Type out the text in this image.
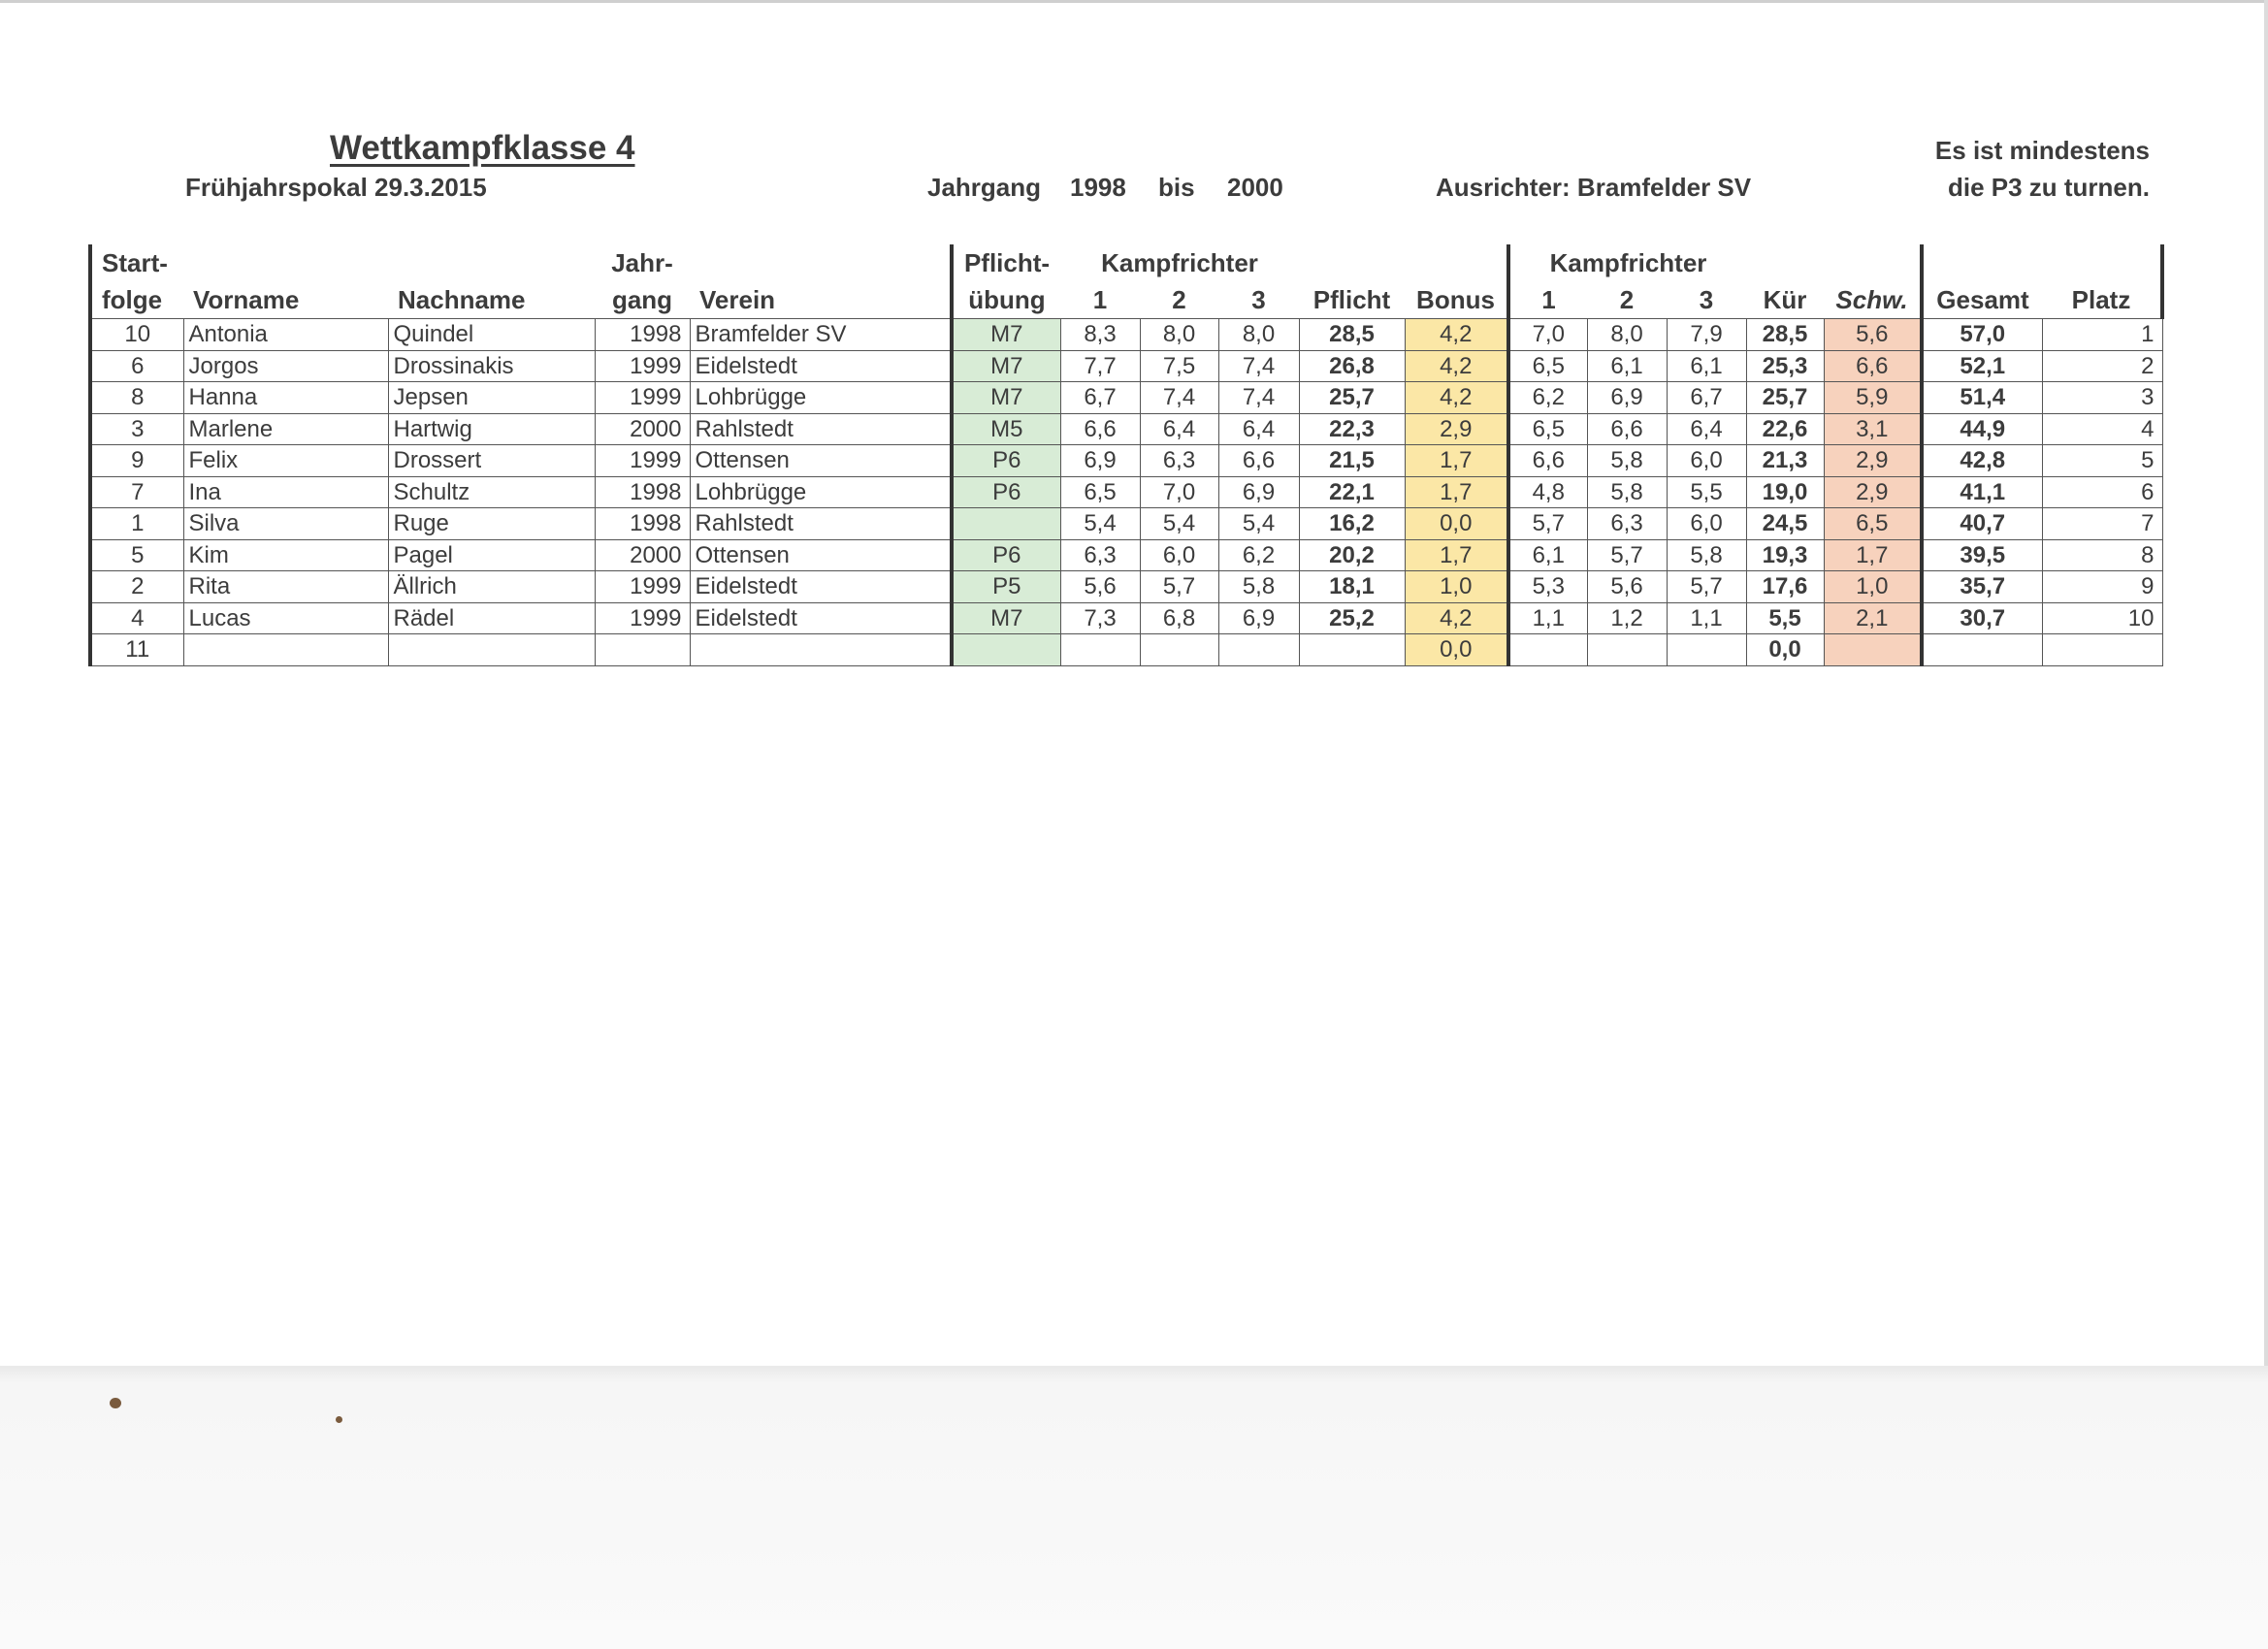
Wettkampfklasse 4
Frühjahrspokal 29.3.2015	Jahrgang 1998 bis 2000	Ausrichter: Bramfelder SV
Es ist mindestens
die P3 zu turnen.
Start-			Jahr-		Pflicht-	Kampfrichter					Kampfrichter						
folge	Vorname	Nachname	gang	Verein	übung	1	2	3	Pflicht	Bonus	1	2	3	Kür	Schw.	Gesamt	Platz
10	Antonia	Quindel	1998	Bramfelder SV	M7	8,3	8,0	8,0	28,5	4,2	7,0	8,0	7,9	28,5	5,6	57,0	1
6	Jorgos	Drossinakis	1999	Eidelstedt	M7	7,7	7,5	7,4	26,8	4,2	6,5	6,1	6,1	25,3	6,6	52,1	2
8	Hanna	Jepsen	1999	Lohbrügge	M7	6,7	7,4	7,4	25,7	4,2	6,2	6,9	6,7	25,7	5,9	51,4	3
3	Marlene	Hartwig	2000	Rahlstedt	M5	6,6	6,4	6,4	22,3	2,9	6,5	6,6	6,4	22,6	3,1	44,9	4
9	Felix	Drossert	1999	Ottensen	P6	6,9	6,3	6,6	21,5	1,7	6,6	5,8	6,0	21,3	2,9	42,8	5
7	Ina	Schultz	1998	Lohbrügge	P6	6,5	7,0	6,9	22,1	1,7	4,8	5,8	5,5	19,0	2,9	41,1	6
1	Silva	Ruge	1998	Rahlstedt		5,4	5,4	5,4	16,2	0,0	5,7	6,3	6,0	24,5	6,5	40,7	7
5	Kim	Pagel	2000	Ottensen	P6	6,3	6,0	6,2	20,2	1,7	6,1	5,7	5,8	19,3	1,7	39,5	8
2	Rita	Ällrich	1999	Eidelstedt	P5	5,6	5,7	5,8	18,1	1,0	5,3	5,6	5,7	17,6	1,0	35,7	9
4	Lucas	Rädel	1999	Eidelstedt	M7	7,3	6,8	6,9	25,2	4,2	1,1	1,2	1,1	5,5	2,1	30,7	10
11										0,0				0,0			
